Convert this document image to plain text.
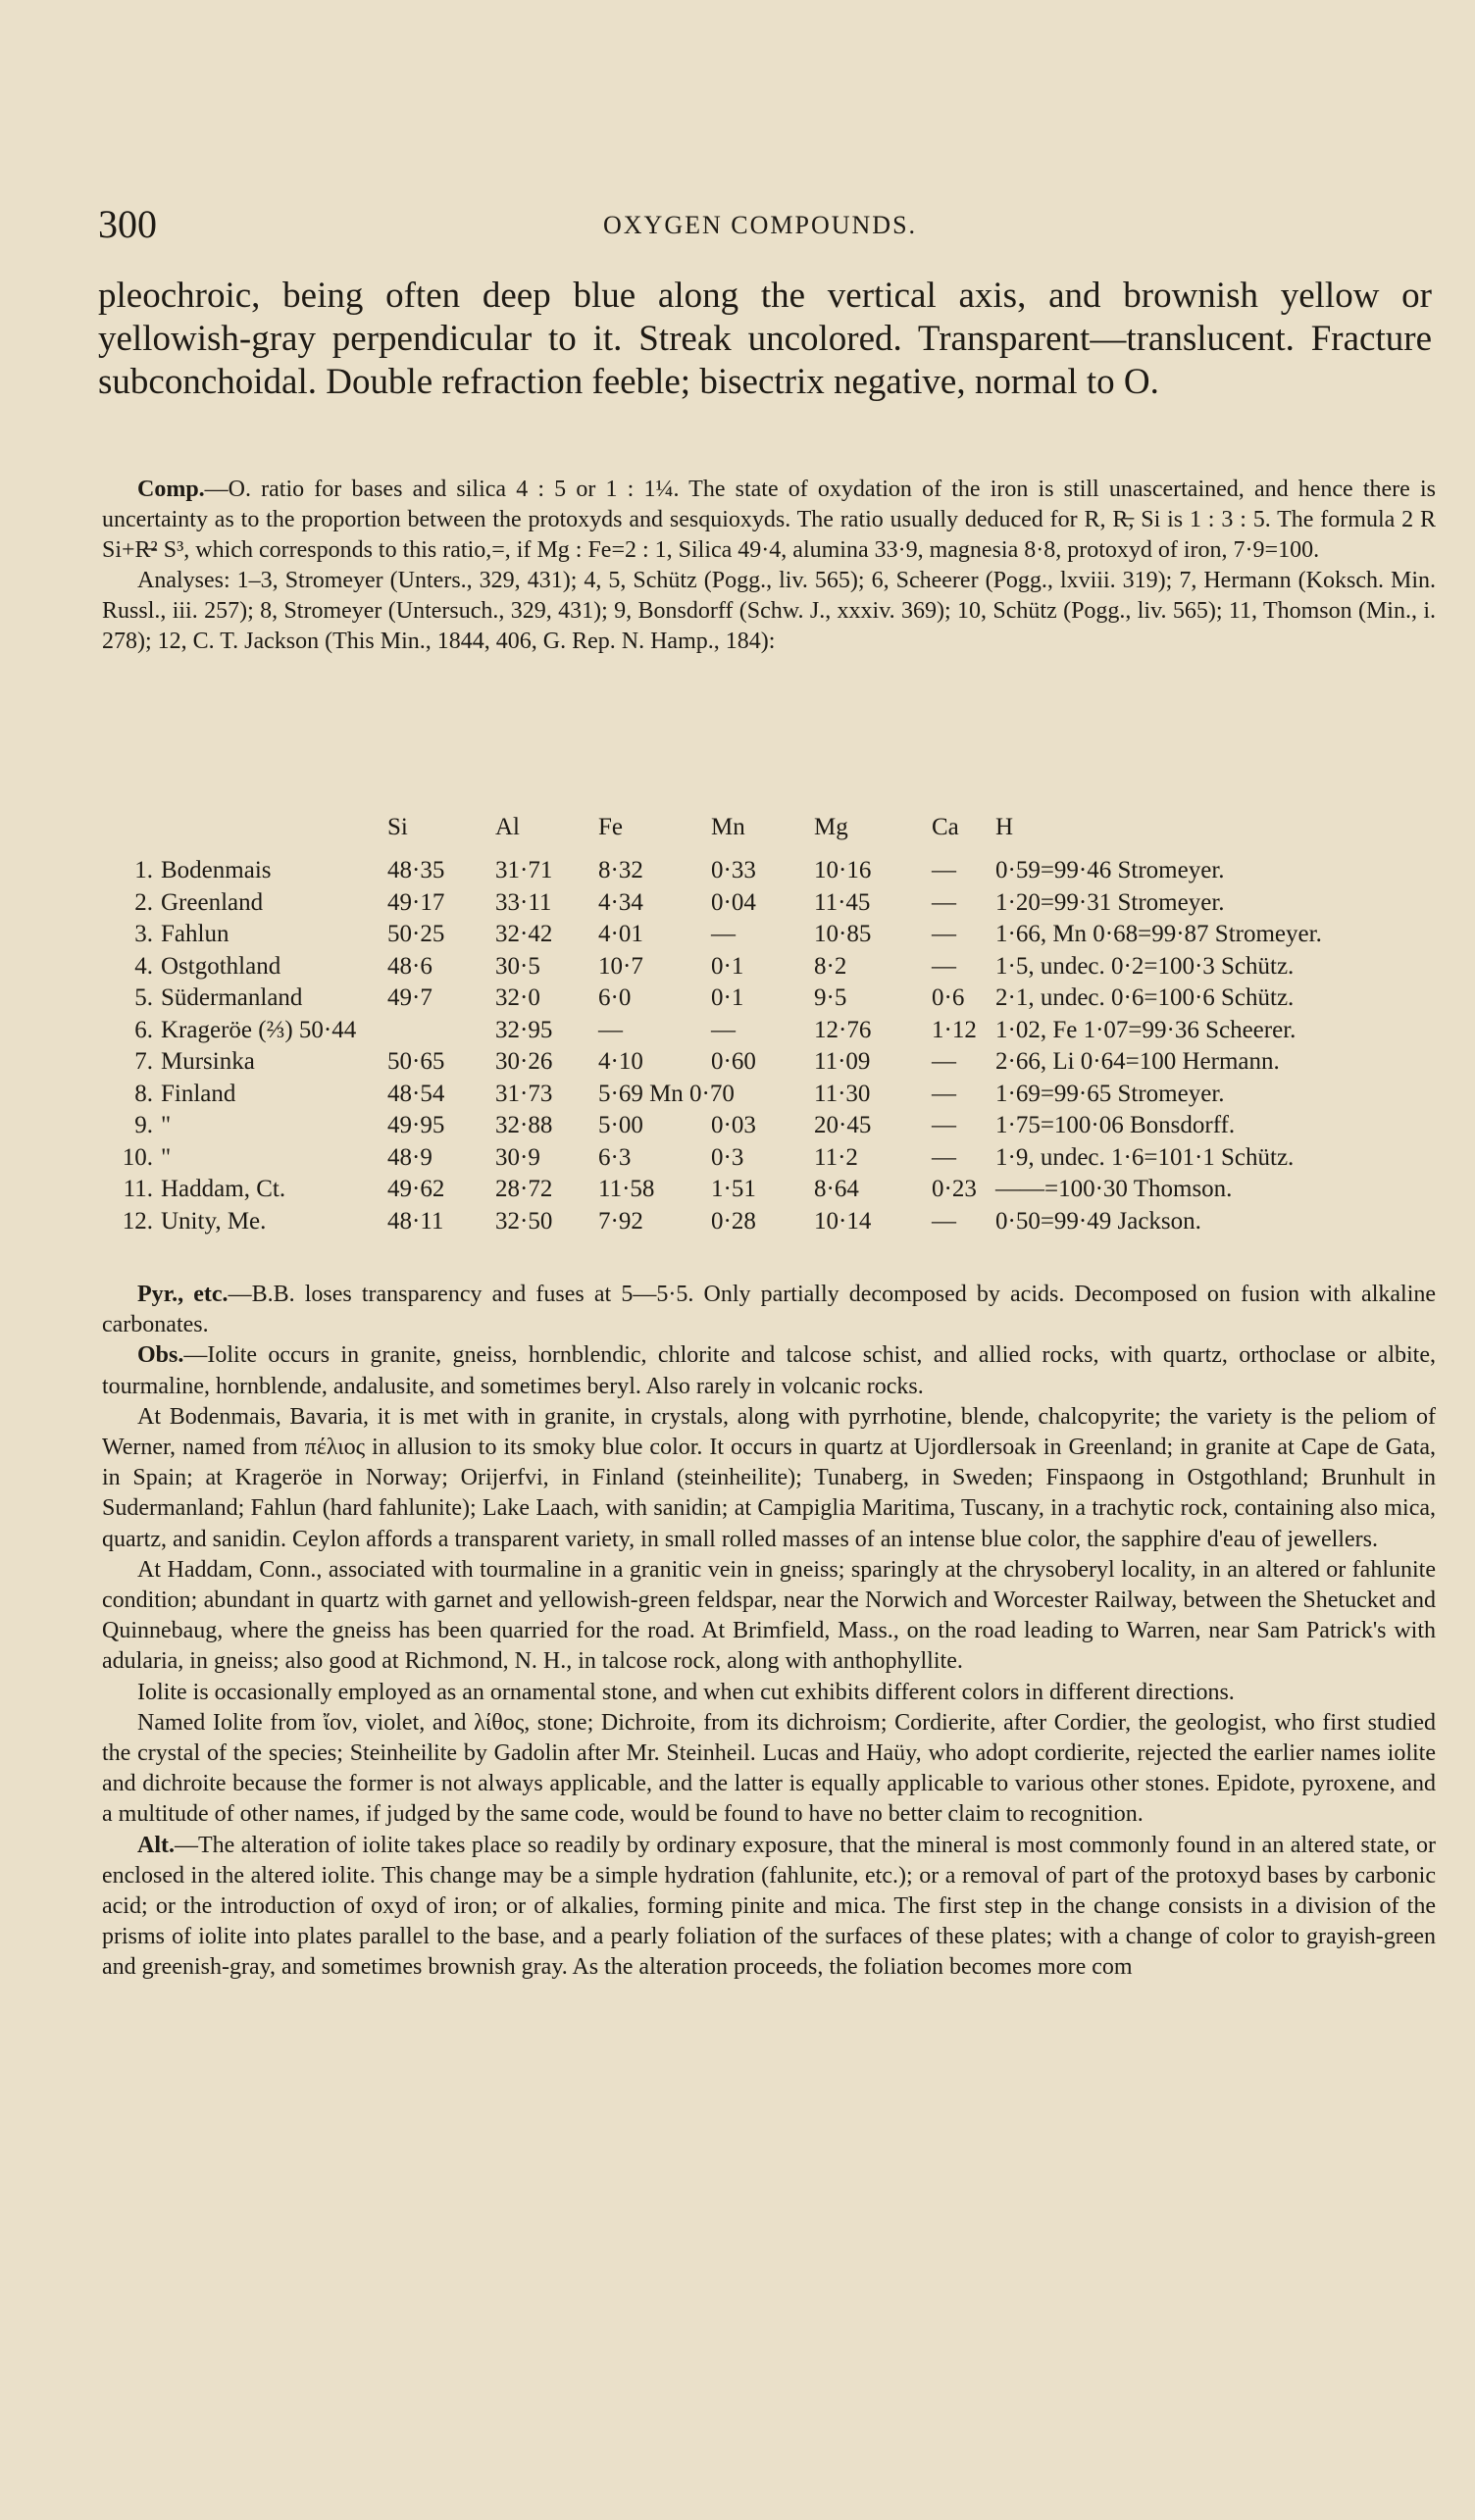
300	OXYGEN COMPOUNDS.

pleochroic, being often deep blue along the vertical axis, and brownish yellow or yellowish-gray perpendicular to it. Streak uncolored. Transparent—translucent. Fracture subconchoidal. Double refraction feeble; bisectrix negative, normal to O.

Comp.—O. ratio for bases and silica 4 : 5 or 1 : 1¼. The state of oxydation of the iron is still unascertained, and hence there is uncertainty as to the proportion between the protoxyds and sesquioxyds. The ratio usually deduced for R, R̶, Si is 1 : 3 : 5. The formula 2 R Si+R̶² S³, which corresponds to this ratio,=, if Mg : Fe=2 : 1, Silica 49·4, alumina 33·9, magnesia 8·8, protoxyd of iron, 7·9=100.

Analyses: 1–3, Stromeyer (Unters., 329, 431); 4, 5, Schütz (Pogg., liv. 565); 6, Scheerer (Pogg., lxviii. 319); 7, Hermann (Koksch. Min. Russl., iii. 257); 8, Stromeyer (Untersuch., 329, 431); 9, Bonsdorff (Schw. J., xxxiv. 369); 10, Schütz (Pogg., liv. 565); 11, Thomson (Min., i. 278); 12, C. T. Jackson (This Min., 1844, 406, G. Rep. N. Hamp., 184):

Si	Al	Fe	Mn	Mg	Ca H
1. Bodenmais	48·35 31·71 8·32	0·33 10·16 — 0·59=99·46 Stromeyer.
2. Greenland	49·17 33·11 4·34	0·04 11·45	— 1·20=99·31 Stromeyer.
3. Fahlun	50·25 32·42 4·01	—	10·85 — 1·66, Mn 0·68=99·87 Stromeyer.
4. Ostgothland	48·6	30·5 10·7	0·1	8·2	— 1·5, undec. 0·2=100·3 Schütz.
5. Südermanland	49·7	32·0 6·0	0·1	9·5	0·6 2·1, undec. 0·6=100·6 Schütz.
6. Krageröe (⅔) 50·44	32·95 —	—	12·76 1·12 1·02, Fe 1·07=99·36 Scheerer.
7. Mursinka	50·65 30·26 4·10	0·60 11·09	— 2·66, Li 0·64=100 Hermann.
8. Finland	48·54 31·73 5·69 Mn 0·70	11·30	— 1·69=99·65 Stromeyer.
9. "	49·95 32·88 5·00	0·03 20·45 — 1·75=100·06 Bonsdorff.
10. "	48·9	30·9 6·3	0·3	11·2	— 1·9, undec. 1·6=101·1 Schütz.
11. Haddam, Ct.	49·62 28·72 11·58 1·51 8·64	0·23 ——=100·30 Thomson.
12. Unity, Me.	48·11 32·50 7·92	0·28 10·14 — 0·50=99·49 Jackson.

Pyr., etc.—B.B. loses transparency and fuses at 5—5·5. Only partially decomposed by acids. Decomposed on fusion with alkaline carbonates.

Obs.—Iolite occurs in granite, gneiss, hornblendic, chlorite and talcose schist, and allied rocks, with quartz, orthoclase or albite, tourmaline, hornblende, andalusite, and sometimes beryl. Also rarely in volcanic rocks.

At Bodenmais, Bavaria, it is met with in granite, in crystals, along with pyrrhotine, blende, chalcopyrite; the variety is the peliom of Werner, named from πέλιος in allusion to its smoky blue color. It occurs in quartz at Ujordlersoak in Greenland; in granite at Cape de Gata, in Spain; at Krageröe in Norway; Orijerfvi, in Finland (steinheilite); Tunaberg, in Sweden; Finspaong in Ostgothland; Brunhult in Sudermanland; Fahlun (hard fahlunite); Lake Laach, with sanidin; at Campiglia Maritima, Tuscany, in a trachytic rock, containing also mica, quartz, and sanidin. Ceylon affords a transparent variety, in small rolled masses of an intense blue color, the sapphire d'eau of jewellers.

At Haddam, Conn., associated with tourmaline in a granitic vein in gneiss; sparingly at the chrysoberyl locality, in an altered or fahlunite condition; abundant in quartz with garnet and yellowish-green feldspar, near the Norwich and Worcester Railway, between the Shetucket and Quinnebaug, where the gneiss has been quarried for the road. At Brimfield, Mass., on the road leading to Warren, near Sam Patrick's with adularia, in gneiss; also good at Richmond, N. H., in talcose rock, along with anthophyllite.

Iolite is occasionally employed as an ornamental stone, and when cut exhibits different colors in different directions.

Named Iolite from ἴον, violet, and λίθος, stone; Dichroite, from its dichroism; Cordierite, after Cordier, the geologist, who first studied the crystal of the species; Steinheilite by Gadolin after Mr. Steinheil. Lucas and Haüy, who adopt cordierite, rejected the earlier names iolite and dichroite because the former is not always applicable, and the latter is equally applicable to various other stones. Epidote, pyroxene, and a multitude of other names, if judged by the same code, would be found to have no better claim to recognition.

Alt.—The alteration of iolite takes place so readily by ordinary exposure, that the mineral is most commonly found in an altered state, or enclosed in the altered iolite. This change may be a simple hydration (fahlunite, etc.); or a removal of part of the protoxyd bases by carbonic acid; or the introduction of oxyd of iron; or of alkalies, forming pinite and mica. The first step in the change consists in a division of the prisms of iolite into plates parallel to the base, and a pearly foliation of the surfaces of these plates; with a change of color to grayish-green and greenish-gray, and sometimes brownish gray. As the alteration proceeds, the foliation becomes more com
